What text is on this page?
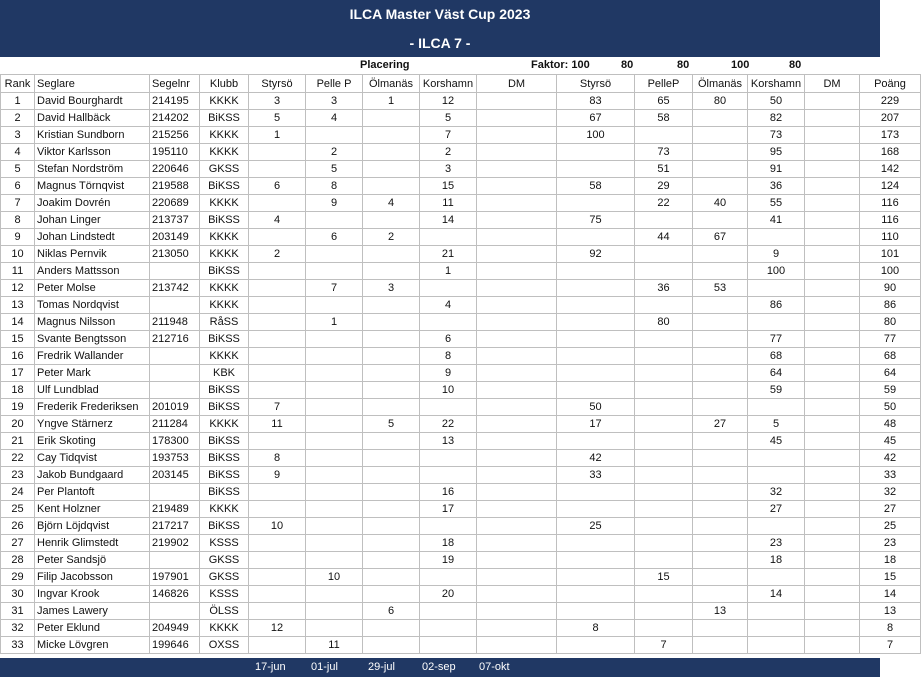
ILCA Master Väst Cup 2023
- ILCA 7 -
Placering	Faktor: 100	80	80	100	80
Rank	Seglare	Segelnr	Klubb	Styrsö	Pelle P	Ölmanäs	Korshamn	DM	Styrsö	PelleP	Ölmanäs	Korshamn	DM	Poäng
1	David Bourghardt	214195	KKKK	3	3	1	12		83	65	80	50		229
2	David Hallbäck	214202	BiKSS	5	4		5		67	58		82		207
3	Kristian Sundborn	215256	KKKK	1			7		100			73		173
4	Viktor Karlsson	195110	KKKK		2		2			73		95		168
5	Stefan Nordström	220646	GKSS		5		3			51		91		142
6	Magnus Törnqvist	219588	BiKSS	6	8		15		58	29		36		124
7	Joakim Dovrén	220689	KKKK		9	4	11			22	40	55		116
8	Johan Linger	213737	BiKSS	4			14		75			41		116
9	Johan Lindstedt	203149	KKKK		6	2				44	67			110
10	Niklas Pernvik	213050	KKKK	2			21		92			9		101
11	Anders Mattsson		BiKSS				1					100		100
12	Peter Molse	213742	KKKK		7	3				36	53			90
13	Tomas Nordqvist		KKKK				4					86		86
14	Magnus Nilsson	211948	RåSS		1					80				80
15	Svante Bengtsson	212716	BiKSS				6					77		77
16	Fredrik Wallander		KKKK				8					68		68
17	Peter Mark		KBK				9					64		64
18	Ulf Lundblad		BiKSS				10					59		59
19	Frederik Frederiksen	201019	BiKSS	7					50					50
20	Yngve Stärnerz	211284	KKKK	11		5	22		17		27	5		48
21	Erik Skoting	178300	BiKSS				13					45		45
22	Cay Tidqvist	193753	BiKSS	8					42					42
23	Jakob Bundgaard	203145	BiKSS	9					33					33
24	Per Plantoft		BiKSS				16					32		32
25	Kent Holzner	219489	KKKK				17					27		27
26	Björn Löjdqvist	217217	BiKSS	10					25					25
27	Henrik Glimstedt	219902	KSSS				18					23		23
28	Peter Sandsjö		GKSS				19					18		18
29	Filip Jacobsson	197901	GKSS		10					15				15
30	Ingvar Krook	146826	KSSS				20					14		14
31	James Lawery		ÖLSS			6					13			13
32	Peter Eklund	204949	KKKK	12					8					8
33	Micke Lövgren	199646	OXSS		11					7				7
17-jun 01-jul	29-jul 02-sep 07-okt
